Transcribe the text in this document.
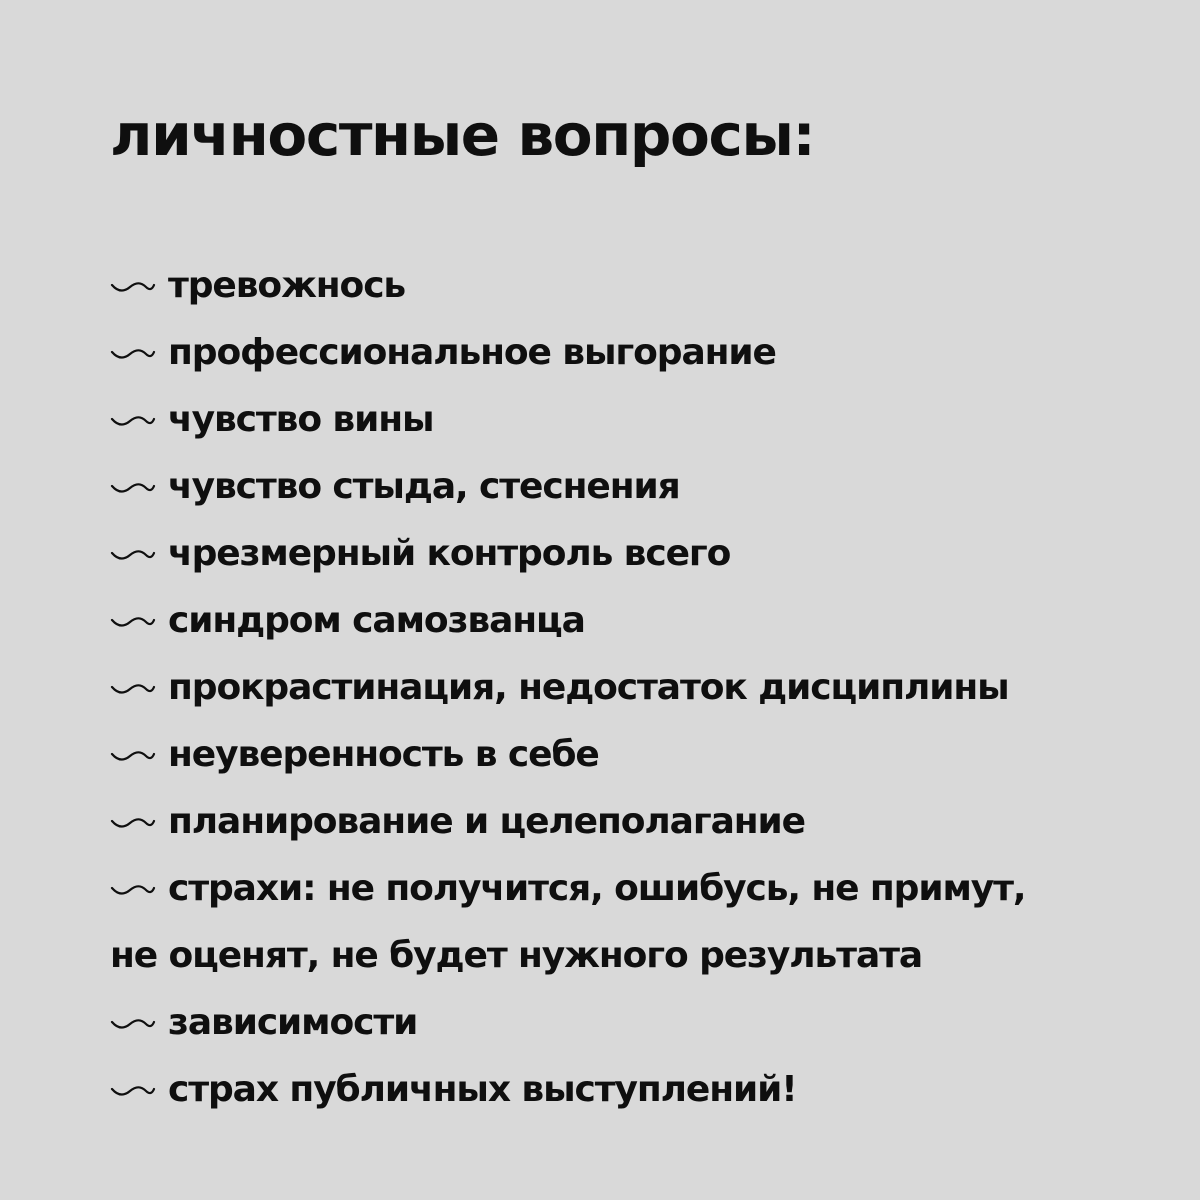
личностные вопросы:
тревожнось
профессиональное выгорание
чувство вины
чувство стыда, стеснения
чрезмерный контроль всего
синдром самозванца
прокрастинация, недостаток дисциплины
неуверенность в себе
планирование и целеполагание
страхи: не получится, ошибусь, не примут,
не оценят, не будет нужного результата
зависимости
страх публичных выступлений!
